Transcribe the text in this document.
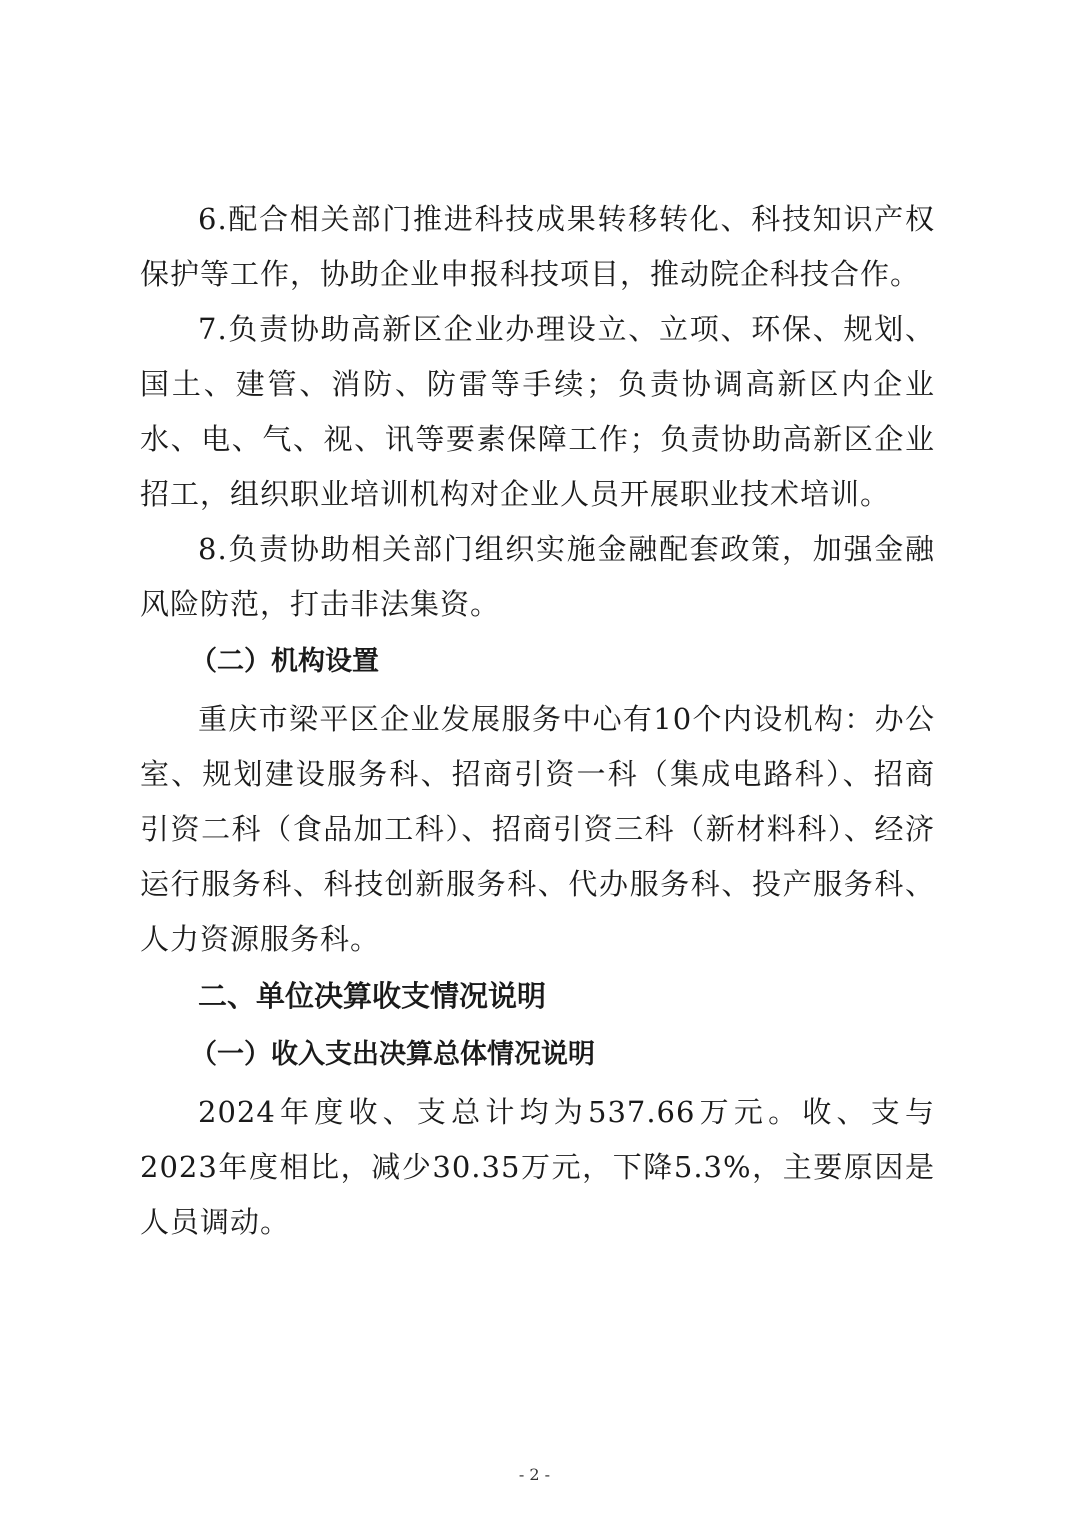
6.配合相关部门推进科技成果转移转化、科技知识产权保护等工作，协助企业申报科技项目，推动院企科技合作。

7.负责协助高新区企业办理设立、立项、环保、规划、国土、建管、消防、防雷等手续；负责协调高新区内企业水、电、气、视、讯等要素保障工作；负责协助高新区企业招工，组织职业培训机构对企业人员开展职业技术培训。

8.负责协助相关部门组织实施金融配套政策，加强金融风险防范，打击非法集资。

（二）机构设置

重庆市梁平区企业发展服务中心有10个内设机构：办公室、规划建设服务科、招商引资一科（集成电路科）、招商引资二科（食品加工科）、招商引资三科（新材料科）、经济运行服务科、科技创新服务科、代办服务科、投产服务科、人力资源服务科。

二、单位决算收支情况说明
（一）收入支出决算总体情况说明

2024年度收、支总计均为537.66万元。收、支与2023年度相比，减少30.35万元，下降5.3%，主要原因是人员调动。

- 2 -
